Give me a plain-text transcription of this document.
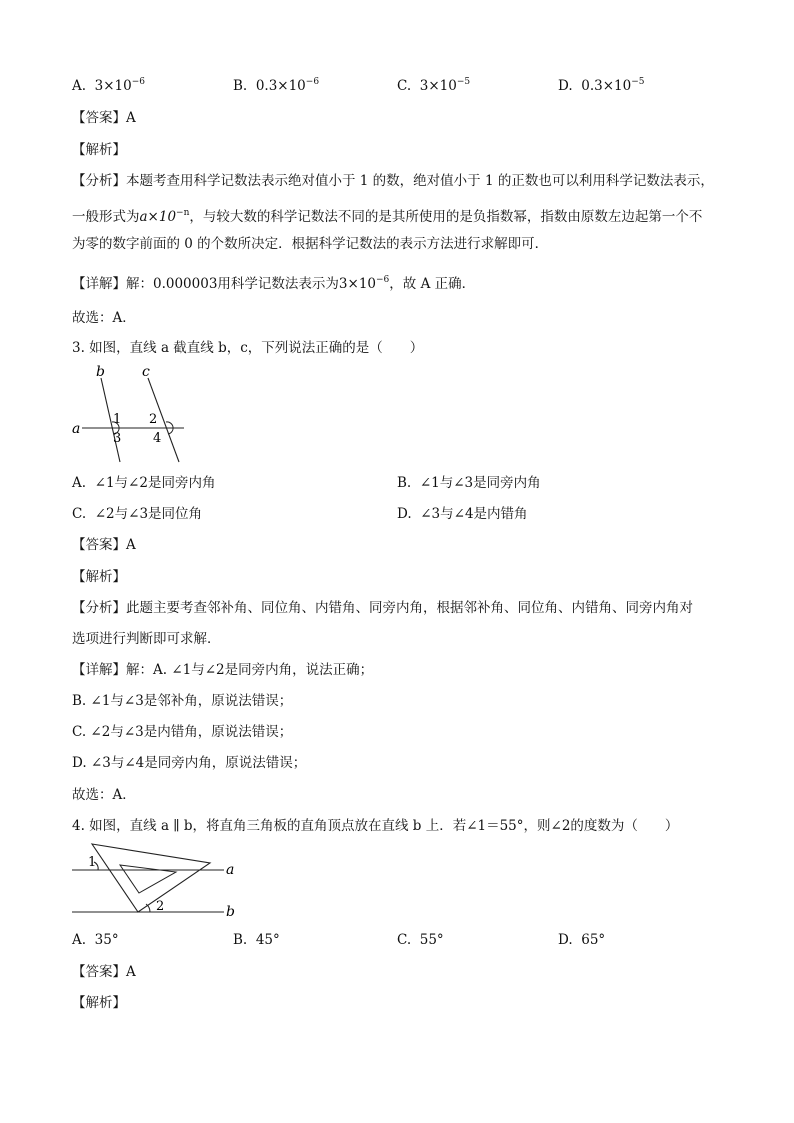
A. $3\times 10^{-6}$	B. $0.3\times 10^{-6}$	C. $3\times 10^{-5}$	D. $0.3\times 10^{-5}$
【答案】A
【解析】
【分析】本题考查用科学记数法表示绝对值小于 1 的数，绝对值小于 1 的正数也可以利用科学记数法表示，
一般形式为$a\times 10^{-n}$，与较大数的科学记数法不同的是其所使用的是负指数幂，指数由原数左边起第一个不
为零的数字前面的 0 的个数所决定．根据科学记数法的表示方法进行求解即可．
【详解】解：0.000003用科学记数法表示为$3\times 10^{-6}$，故 A 正确．
故选：A．
3. 如图，直线 a 截直线 b，c，下列说法正确的是（　　）
a
b	c
1 2
3 4
A. ∠1与∠2是同旁内角	B. ∠1与∠3是同旁内角
C. ∠2与∠3是同位角	D. ∠3与∠4是内错角
【答案】A
【解析】
【分析】此题主要考查邻补角、同位角、内错角、同旁内角，根据邻补角、同位角、内错角、同旁内角对
选项进行判断即可求解．
【详解】解：A. ∠1与∠2是同旁内角，说法正确；
B. ∠1与∠3是邻补角，原说法错误；
C. ∠2与∠3是内错角，原说法错误；
D. ∠3与∠4是同旁内角，原说法错误；
故选：A．
4. 如图，直线 a ∥ b，将直角三角板的直角顶点放在直线 b 上．若∠1＝55°，则∠2的度数为（　　）
a
b
1
2
A. 35°	B. 45°	C. 55°	D. 65°
【答案】A
【解析】
